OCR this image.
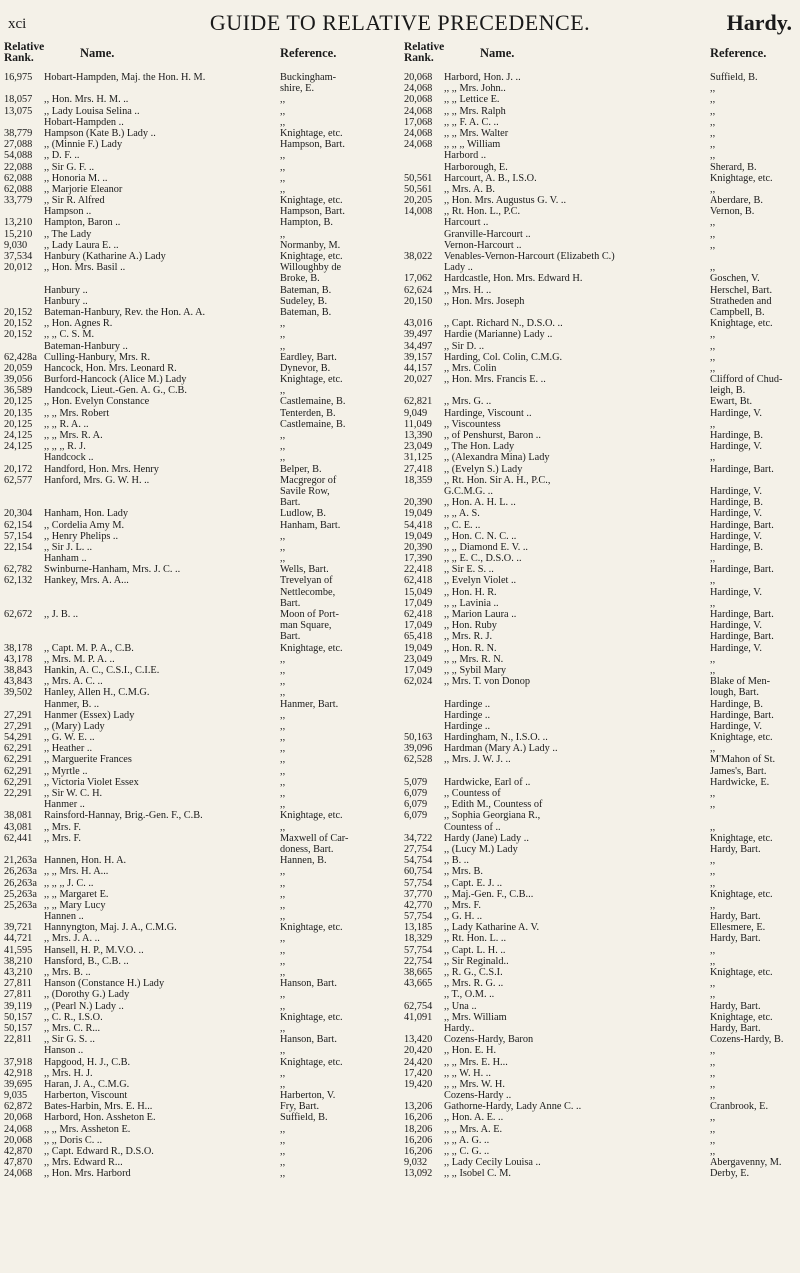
xci	GUIDE TO RELATIVE PRECEDENCE.	Hardy.
Relative Rank.	Name.	Reference.
16,975	Hobart-Hampden, Maj. the Hon. H. M.	Buckingham-
shire, E.
18,057	,, Hon. Mrs. H. M. ..	,,
13,075	,, Lady Louisa Selina ..	,,
Hobart-Hampden ..	,,
38,779	Hampson (Kate B.) Lady ..	Knightage, etc.
27,088	,, (Minnie F.) Lady	Hampson, Bart.
54,088	,, D. F. ..	,,
22,088	,, Sir G. F. ..	,,
62,088	,, Honoria M. ..	,,
62,088	,, Marjorie Eleanor	,,
33,779	,, Sir R. Alfred	Knightage, etc.
Hampson ..	Hampson, Bart.
13,210	Hampton, Baron ..	Hampton, B.
15,210	,, The Lady	,,
9,030	,, Lady Laura E. ..	Normanby, M.
37,534	Hanbury (Katharine A.) Lady	Knightage, etc.
20,012	,, Hon. Mrs. Basil ..	Willoughby de
Broke, B.
Hanbury ..	Bateman, B.
Hanbury ..	Sudeley, B.
20,152	Bateman-Hanbury, Rev. the Hon. A. A.	Bateman, B.
20,152	,, Hon. Agnes R.	,,
20,152	,, ,, C. S. M.	,,
Bateman-Hanbury ..	,,
62,428a Culling-Hanbury, Mrs. R.	Eardley, Bart.
20,059	Hancock, Hon. Mrs. Leonard R.	Dynevor, B.
39,056	Burford-Hancock (Alice M.) Lady	Knightage, etc.
36,589	Handcock, Lieut.-Gen. A. G., C.B.	,,
20,125	,, Hon. Evelyn Constance	Castlemaine, B.
20,135	,, ,, Mrs. Robert	Tenterden, B.
20,125	,, ,, R. A. ..	Castlemaine, B.
24,125	,, ,, Mrs. R. A.	,,
24,125	,, ,, ,, R. J.	,,
Handcock ..	,,
20,172	Handford, Hon. Mrs. Henry	Belper, B.
62,577	Hanford, Mrs. G. W. H. ..	Macgregor of
Savile Row,
Bart.
20,304	Hanham, Hon. Lady	Ludlow, B.
62,154	,, Cordelia Amy M.	Hanham, Bart.
57,154	,, Henry Phelips ..	,,
22,154	,, Sir J. L. ..	,,
Hanham ..	,,
62,782	Swinburne-Hanham, Mrs. J. C. ..	Wells, Bart.
62,132	Hankey, Mrs. A. A...	Trevelyan of
Nettlecombe,
Bart.
62,672	,, J. B. ..	Moon of Port-
man Square,
Bart.
38,178	,, Capt. M. P. A., C.B.	Knightage, etc.
43,178	,, Mrs. M. P. A. ..	,,
38,843	Hankin, A. C., C.S.I., C.I.E.	,,
43,843	,, Mrs. A. C. ..	,,
39,502	Hanley, Allen H., C.M.G.	,,
Hanmer, B. ..	Hanmer, Bart.
27,291	Hanmer (Essex) Lady	,,
27,291	,, (Mary) Lady	,,
54,291	,, G. W. E. ..	,,
62,291	,, Heather ..	,,
62,291	,, Marguerite Frances	,,
62,291	,, Myrtle ..	,,
62,291	,, Victoria Violet Essex	,,
22,291	,, Sir W. C. H.	,,
Hanmer ..	,,
38,081	Rainsford-Hannay, Brig.-Gen. F., C.B.	Knightage, etc.
43,081	,, Mrs. F.	,,
62,441	,, Mrs. F.	Maxwell of Car-
doness, Bart.
21,263a Hannen, Hon. H. A.	Hannen, B.
26,263a ,, ,, Mrs. H. A...	,,
26,263a ,, ,, ,, J. C. ..	,,
25,263a ,, ,, Margaret E.	,,
25,263a ,, ,, Mary Lucy	,,
Hannen ..	,,
39,721	Hannyngton, Maj. J. A., C.M.G.	Knightage, etc.
44,721	,, Mrs. J. A. ..	,,
41,595	Hansell, H. P., M.V.O. ..	,,
38,210	Hansford, B., C.B. ..	,,
43,210	,, Mrs. B. ..	,,
27,811	Hanson (Constance H.) Lady	Hanson, Bart.
27,811	,, (Dorothy G.) Lady	,,
39,119	,, (Pearl N.) Lady ..	,,
50,157	,, C. R., I.S.O.	Knightage, etc.
50,157	,, Mrs. C. R...	,,
22,811	,, Sir G. S. ..	Hanson, Bart.
Hanson ..	,,
37,918	Hapgood, H. J., C.B.	Knightage, etc.
42,918	,, Mrs. H. J.	,,
39,695	Haran, J. A., C.M.G.	,,
9,035	Harberton, Viscount	Harberton, V.
62,872	Bates-Harbin, Mrs. E. H...	Fry, Bart.
20,068	Harbord, Hon. Assheton E.	Suffield, B.
24,068	,, ,, Mrs. Assheton E.	,,
20,068	,, ,, Doris C. ..	,,
42,870	,, Capt. Edward R., D.S.O.	,,
47,870	,, Mrs. Edward R...	,,
24,068	,, Hon. Mrs. Harbord	,,
Relative Rank.	Name.	Reference.
20,068	Harbord, Hon. J. ..	Suffield, B.
24,068	,, ,, Mrs. John..	,,
20,068	,, ,, Lettice E.	,,
24,068	,, ,, Mrs. Ralph	,,
17,068	,, ,, F. A. C. ..	,,
24,068	,, ,, Mrs. Walter	,,
24,068	,, ,, ,, William	,,
Harbord ..	,,
Harborough, E.	Sherard, B.
50,561	Harcourt, A. B., I.S.O.	Knightage, etc.
50,561	,, Mrs. A. B.	,,
20,205	,, Hon. Mrs. Augustus G. V. ..	Aberdare, B.
14,008	,, Rt. Hon. L., P.C.	Vernon, B.
Harcourt ..	,,
Granville-Harcourt ..	,,
Vernon-Harcourt ..	,,
38,022	Venables-Vernon-Harcourt (Elizabeth C.)
Lady ..	,,
17,062	Hardcastle, Hon. Mrs. Edward H.	Goschen, V.
62,624	,, Mrs. H. ..	Herschel, Bart.
20,150	,, Hon. Mrs. Joseph	Stratheden and
Campbell, B.
43,016	,, Capt. Richard N., D.S.O. ..	Knightage, etc.
39,497	Hardie (Marianne) Lady ..	,,
34,497	,, Sir D. ..	,,
39,157	Harding, Col. Colin, C.M.G.	,,
44,157	,, Mrs. Colin	,,
20,027	,, Hon. Mrs. Francis E. ..	Clifford of Chud-
leigh, B.
62,821	,, Mrs. G. ..	Ewart, Bt.
9,049	Hardinge, Viscount ..	Hardinge, V.
11,049	,, Viscountess	,,
13,390	,, of Penshurst, Baron ..	Hardinge, B.
23,049	,, The Hon. Lady	Hardinge, V.
31,125	,, (Alexandra Mina) Lady	,,
27,418	,, (Evelyn S.) Lady	Hardinge, Bart.
18,359	,, Rt. Hon. Sir A. H., P.C.,
G.C.M.G. ..	Hardinge, V.
20,390	,, Hon. A. H. L. ..	Hardinge, B.
19,049	,, ,, A. S.	Hardinge, V.
54,418	,, C. E. ..	Hardinge, Bart.
19,049	,, Hon. C. N. C. ..	Hardinge, V.
20,390	,, ,, Diamond E. V. ..	Hardinge, B.
17,390	,, ,, E. C., D.S.O. ..	,,
22,418	,, Sir E. S. ..	Hardinge, Bart.
62,418	,, Evelyn Violet ..	,,
15,049	,, Hon. H. R.	Hardinge, V.
17,049	,, ,, Lavinia ..	,,
62,418	,, Marion Laura ..	Hardinge, Bart.
17,049	,, Hon. Ruby	Hardinge, V.
65,418	,, Mrs. R. J.	Hardinge, Bart.
19,049	,, Hon. R. N.	Hardinge, V.
23,049	,, ,, Mrs. R. N.	,,
17,049	,, ,, Sybil Mary	,,
62,024	,, Mrs. T. von Donop	Blake of Men-
lough, Bart.
Hardinge ..	Hardinge, B.
Hardinge ..	Hardinge, Bart.
Hardinge ..	Hardinge, V.
50,163	Hardingham, N., I.S.O. ..	Knightage, etc.
39,096	Hardman (Mary A.) Lady ..	,,
62,528	,, Mrs. J. W. J. ..	M'Mahon of St.
James's, Bart.
5,079	Hardwicke, Earl of ..	Hardwicke, E.
6,079	,, Countess of	,,
6,079	,, Edith M., Countess of	,,
6,079	,, Sophia Georgiana R.,
Countess of ..	,,
34,722	Hardy (Jane) Lady ..	Knightage, etc.
27,754	,, (Lucy M.) Lady	Hardy, Bart.
54,754	,, B. ..	,,
60,754	,, Mrs. B.	,,
57,754	,, Capt. E. J. ..	,,
37,770	,, Maj.-Gen. F., C.B...	Knightage, etc.
42,770	,, Mrs. F.	,,
57,754	,, G. H. ..	Hardy, Bart.
13,185	,, Lady Katharine A. V.	Ellesmere, E.
18,329	,, Rt. Hon. L. ..	Hardy, Bart.
57,754	,, Capt. L. H. ..	,,
22,754	,, Sir Reginald..	,,
38,665	,, R. G., C.S.I.	Knightage, etc.
43,665	,, Mrs. R. G. ..	,,
,, T., O.M. ..	,,
62,754	,, Una ..	Hardy, Bart.
41,091	,, Mrs. William	Knightage, etc.
Hardy..	Hardy, Bart.
13,420	Cozens-Hardy, Baron	Cozens-Hardy, B.
20,420	,, Hon. E. H.	,,
24,420	,, ,, Mrs. E. H...	,,
17,420	,, ,, W. H. ..	,,
19,420	,, ,, Mrs. W. H.	,,
Cozens-Hardy ..	,,
13,206	Gathorne-Hardy, Lady Anne C. ..	Cranbrook, E.
16,206	,, Hon. A. E. ..	,,
18,206	,, ,, Mrs. A. E.	,,
16,206	,, ,, A. G. ..	,,
16,206	,, ,, C. G. ..	,,
9,032	,, Lady Cecily Louisa ..	Abergavenny, M.
13,092	,, ,, Isobel C. M.	Derby, E.
